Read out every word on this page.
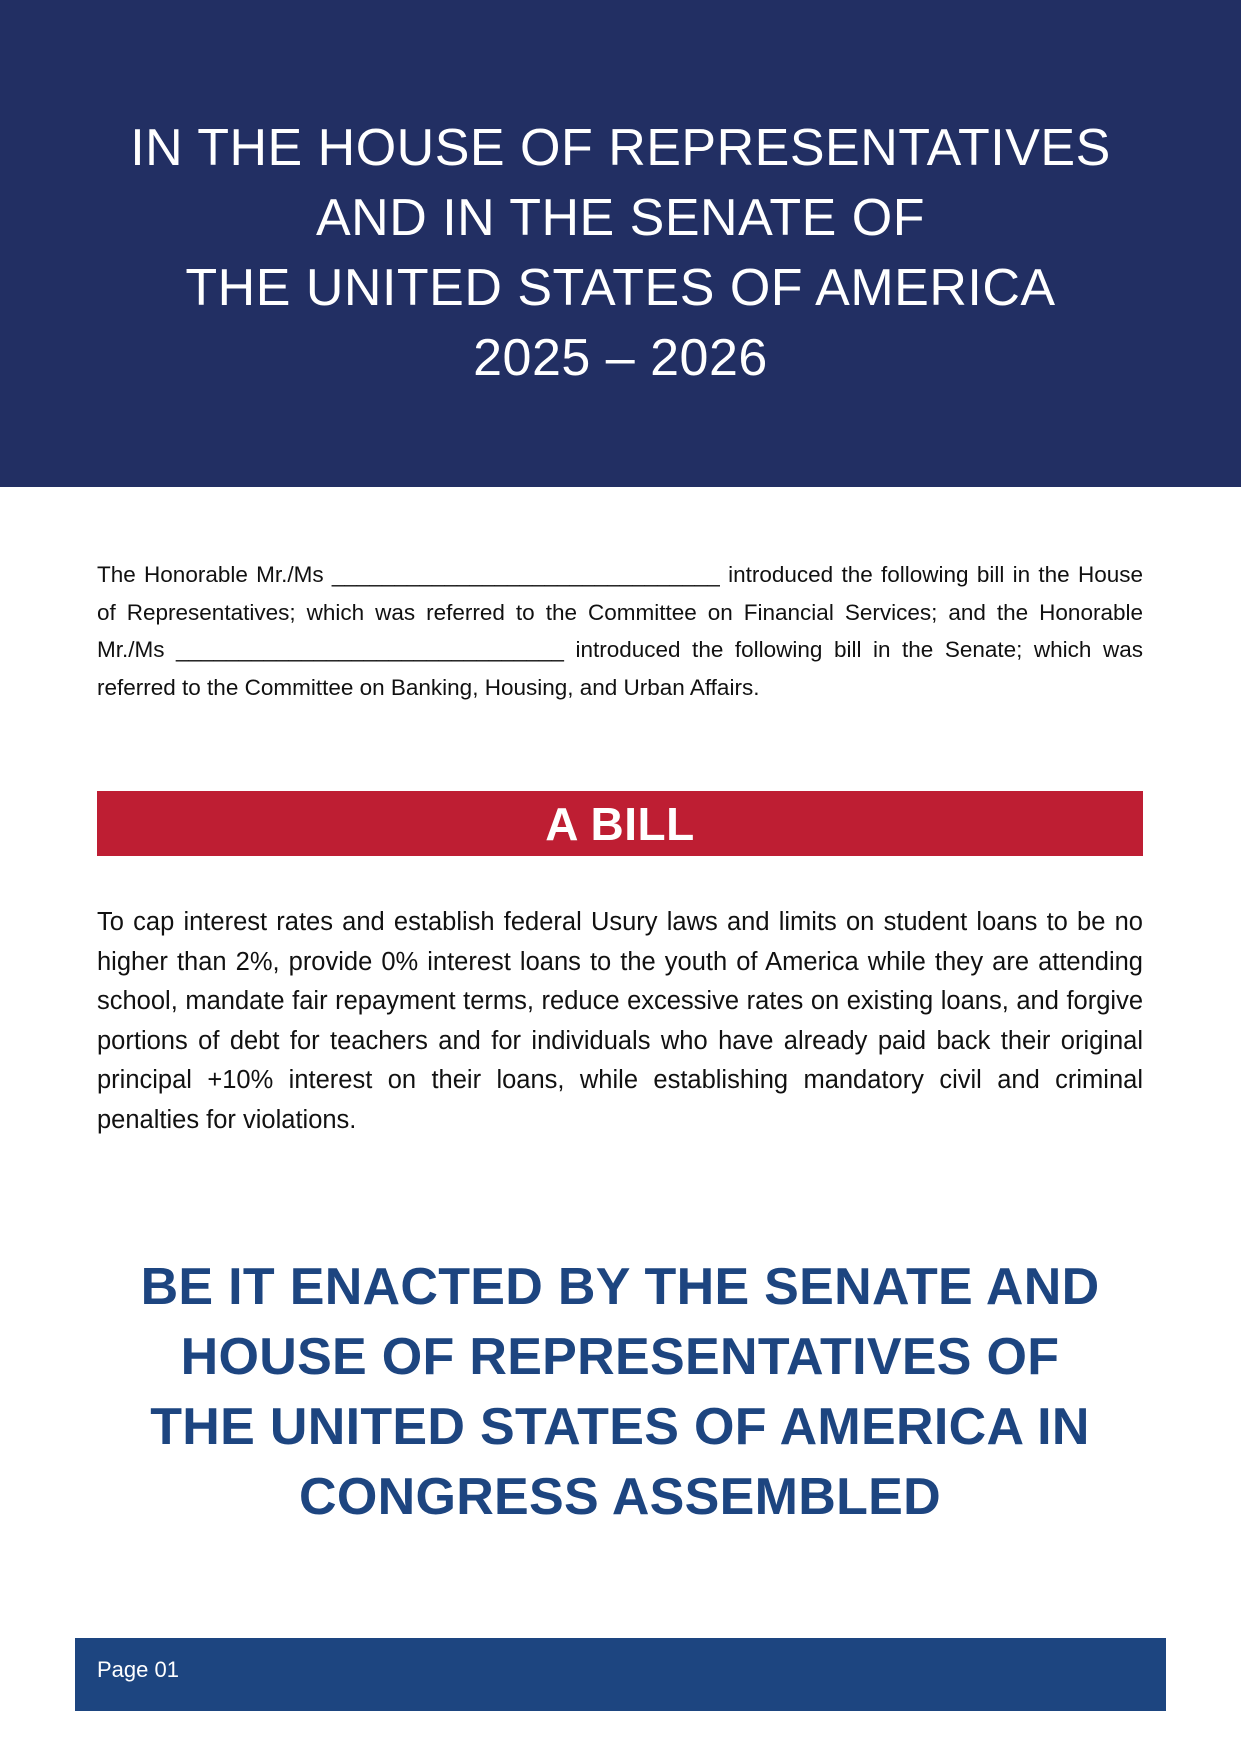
IN THE HOUSE OF REPRESENTATIVES
AND IN THE SENATE OF
THE UNITED STATES OF AMERICA
2025 – 2026

The Honorable Mr./Ms _______________________________ introduced the following bill in the House of Representatives; which was referred to the Committee on Financial Services; and the Honorable Mr./Ms _______________________________ introduced the following bill in the Senate; which was referred to the Committee on Banking, Housing, and Urban Affairs.

A BILL

To cap interest rates and establish federal Usury laws and limits on student loans to be no higher than 2%, provide 0% interest loans to the youth of America while they are attending school, mandate fair repayment terms, reduce excessive rates on existing loans, and forgive portions of debt for teachers and for individuals who have already paid back their original principal +10% interest on their loans, while establishing mandatory civil and criminal penalties for violations.

BE IT ENACTED BY THE SENATE AND
HOUSE OF REPRESENTATIVES OF
THE UNITED STATES OF AMERICA IN
CONGRESS ASSEMBLED
Page 01
